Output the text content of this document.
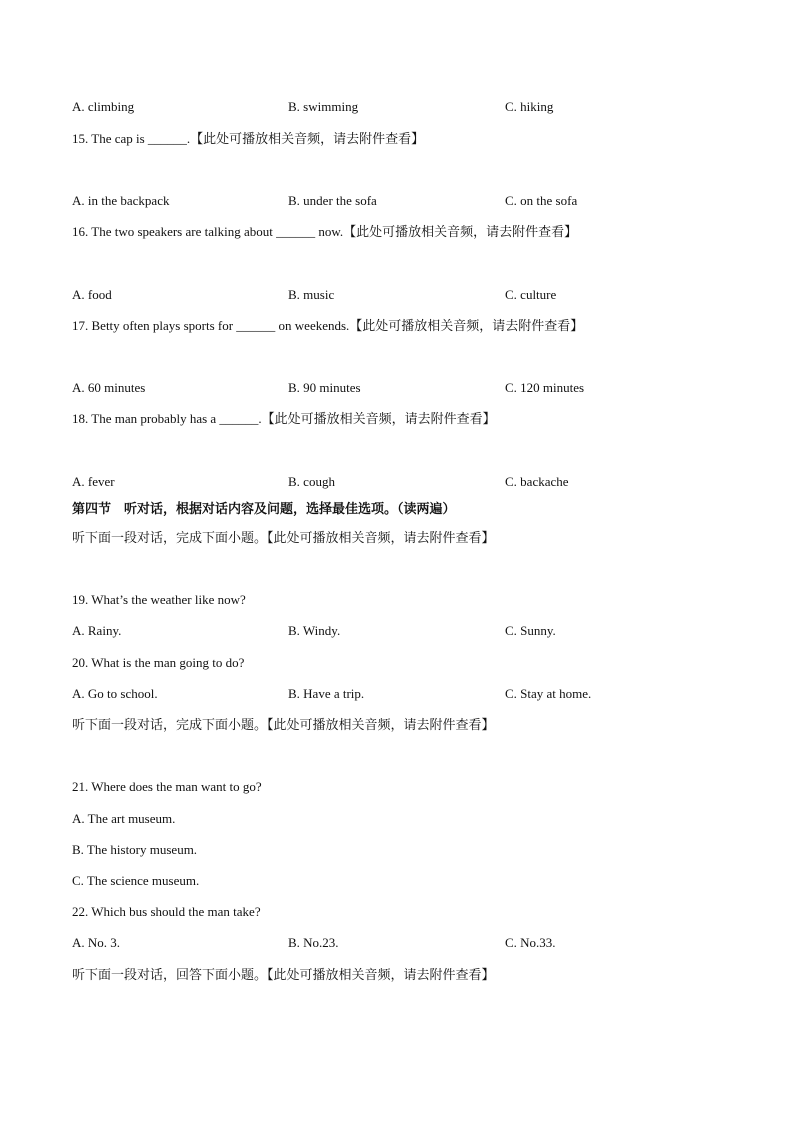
A. climbing	B. swimming	C. hiking
15. The cap is ______.【此处可播放相关音频，请去附件查看】
A. in the backpack	B. under the sofa	C. on the sofa
16. The two speakers are talking about ______ now.【此处可播放相关音频，请去附件查看】
A. food	B. music	C. culture
17. Betty often plays sports for ______ on weekends.【此处可播放相关音频，请去附件查看】
A. 60 minutes	B. 90 minutes	C. 120 minutes
18. The man probably has a ______.【此处可播放相关音频，请去附件查看】
A. fever	B. cough	C. backache
第四节　听对话，根据对话内容及问题，选择最佳选项。（读两遍）
听下面一段对话，完成下面小题。【此处可播放相关音频，请去附件查看】
19. What’s the weather like now?
A. Rainy.	B. Windy.	C. Sunny.
20. What is the man going to do?
A. Go to school.	B. Have a trip.	C. Stay at home.
听下面一段对话，完成下面小题。【此处可播放相关音频，请去附件查看】
21. Where does the man want to go?
A. The art museum.
B. The history museum.
C. The science museum.
22. Which bus should the man take?
A. No. 3.	B. No.23.	C. No.33.
听下面一段对话，回答下面小题。【此处可播放相关音频，请去附件查看】
